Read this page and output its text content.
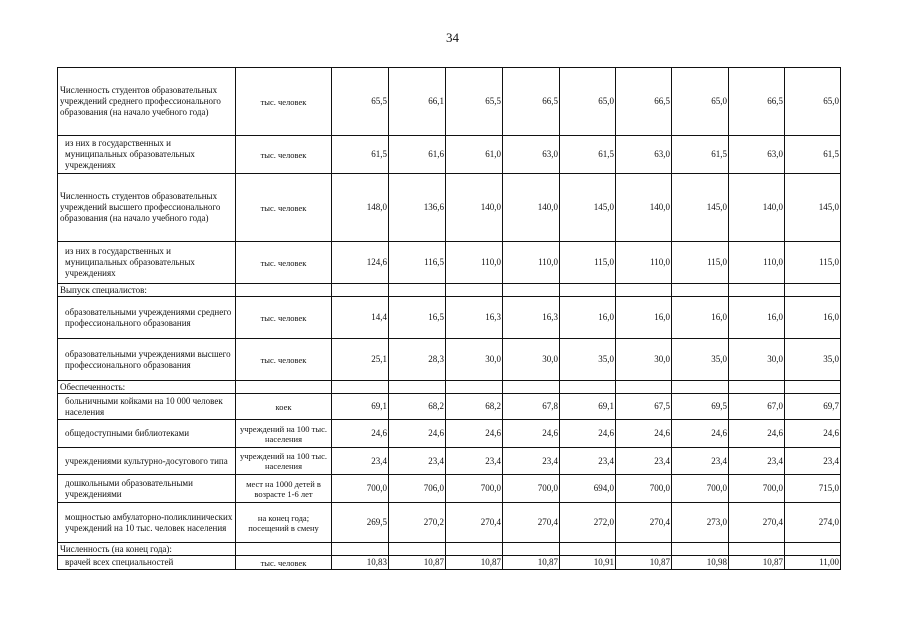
34
Численность студентов образовательных учреждений среднего профессионального образования (на начало учебного года)	тыс. человек	65,5	66,1	65,5	66,5	65,0	66,5	65,0	66,5	65,0
из них в государственных и муниципальных образовательных учреждениях	тыс. человек	61,5	61,6	61,0	63,0	61,5	63,0	61,5	63,0	61,5
Численность студентов образовательных учреждений высшего профессионального образования (на начало учебного года)	тыс. человек	148,0	136,6	140,0	140,0	145,0	140,0	145,0	140,0	145,0
из них в государственных и муниципальных образовательных учреждениях	тыс. человек	124,6	116,5	110,0	110,0	115,0	110,0	115,0	110,0	115,0
Выпуск специалистов:										
образовательными учреждениями среднего профессионального образования	тыс. человек	14,4	16,5	16,3	16,3	16,0	16,0	16,0	16,0	16,0
образовательными учреждениями высшего профессионального образования	тыс. человек	25,1	28,3	30,0	30,0	35,0	30,0	35,0	30,0	35,0
Обеспеченность:										
больничными койками на 10 000 человек населения	коек	69,1	68,2	68,2	67,8	69,1	67,5	69,5	67,0	69,7
общедоступными библиотеками	учреждений на 100 тыс. населения	24,6	24,6	24,6	24,6	24,6	24,6	24,6	24,6	24,6
учреждениями культурно-досугового типа	учреждений на 100 тыс. населения	23,4	23,4	23,4	23,4	23,4	23,4	23,4	23,4	23,4
дошкольными образовательными учреждениями	мест на 1000 детей в возрасте 1-6 лет	700,0	706,0	700,0	700,0	694,0	700,0	700,0	700,0	715,0
мощностью амбулаторно-поликлинических учреждений на 10 тыс. человек населения	на конец года; посещений в смену	269,5	270,2	270,4	270,4	272,0	270,4	273,0	270,4	274,0
Численность (на конец года):										
врачей всех специальностей	тыс. человек	10,83	10,87	10,87	10,87	10,91	10,87	10,98	10,87	11,00
